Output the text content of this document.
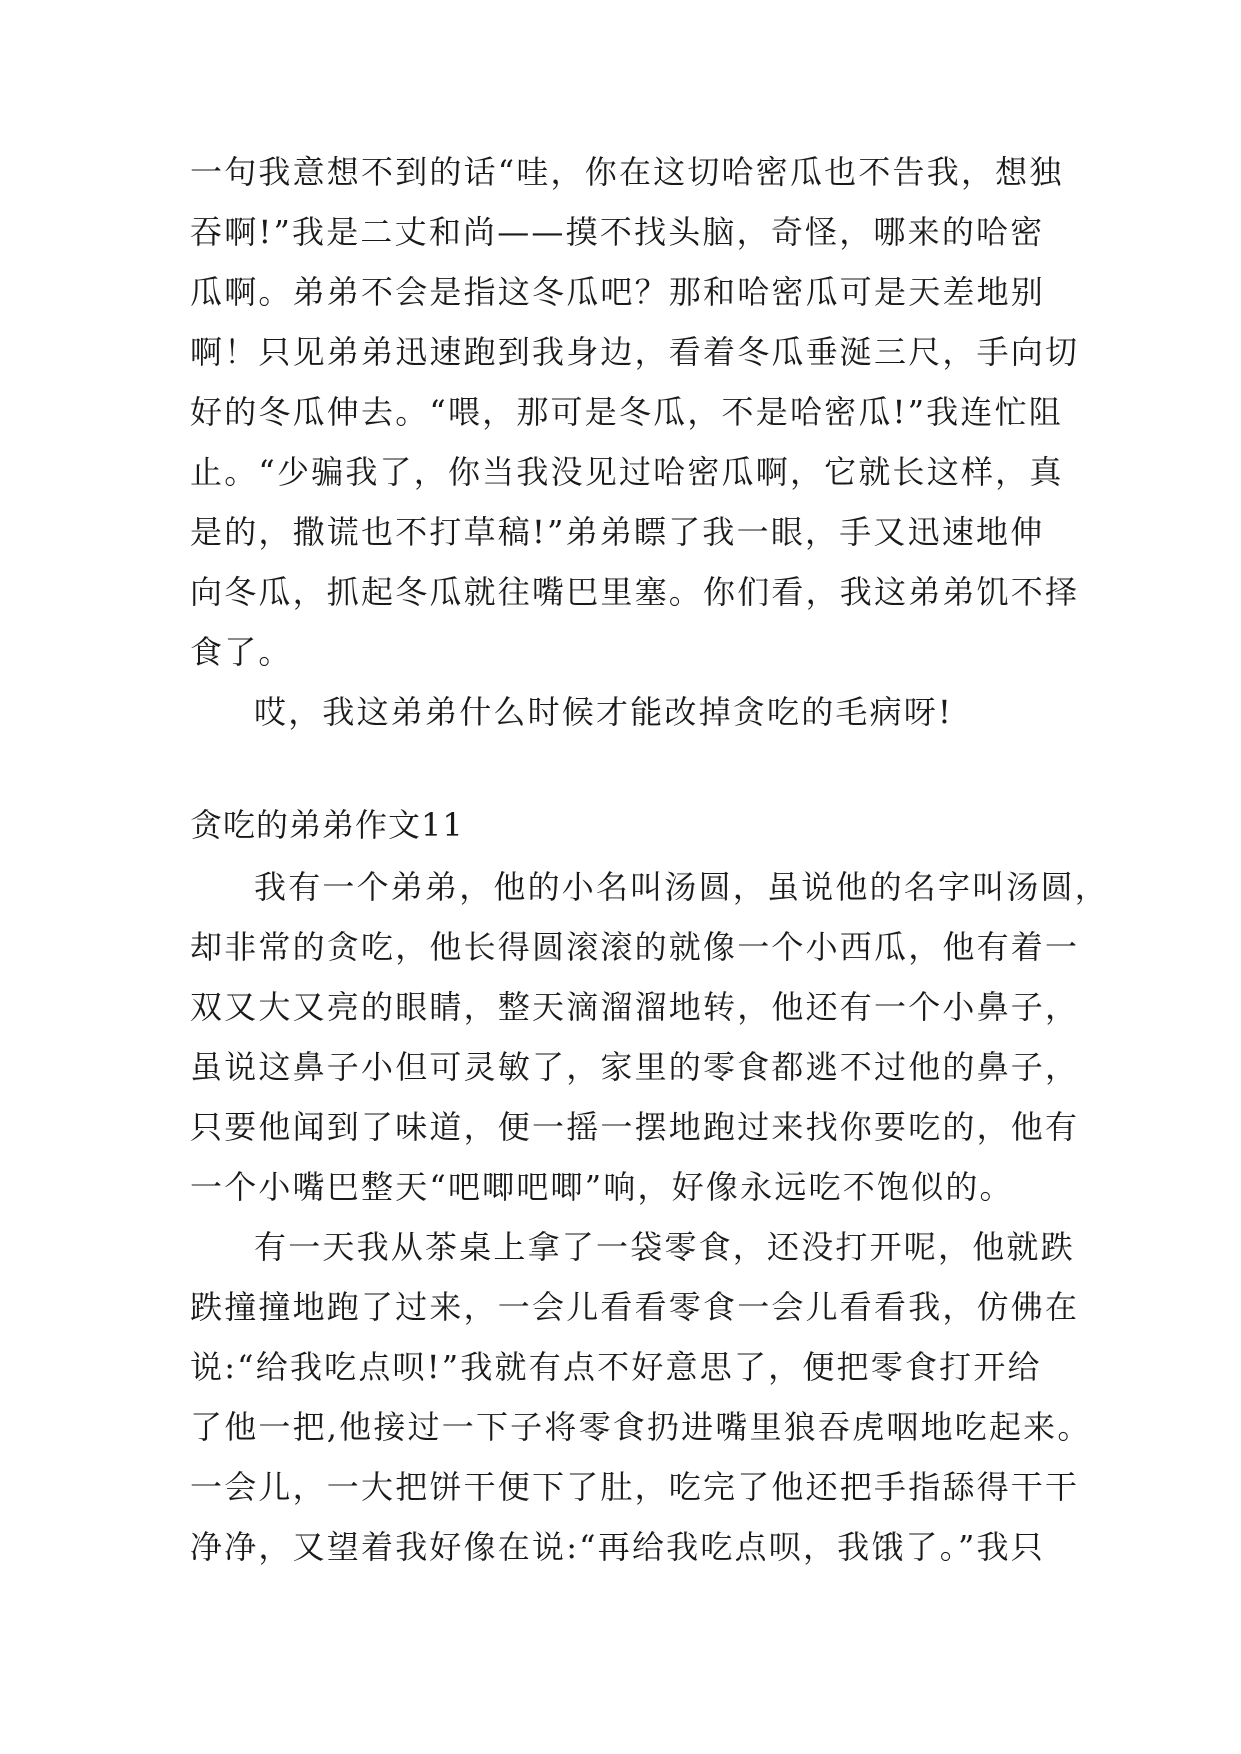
一句我意想不到的话“哇，你在这切哈密瓜也不告我，想独
吞啊!”我是二丈和尚——摸不找头脑，奇怪，哪来的哈密
瓜啊。弟弟不会是指这冬瓜吧？那和哈密瓜可是天差地别
啊！只见弟弟迅速跑到我身边，看着冬瓜垂涎三尺，手向切
好的冬瓜伸去。“喂，那可是冬瓜，不是哈密瓜!”我连忙阻
止。“少骗我了，你当我没见过哈密瓜啊，它就长这样，真
是的，撒谎也不打草稿!”弟弟瞟了我一眼，手又迅速地伸
向冬瓜，抓起冬瓜就往嘴巴里塞。你们看，我这弟弟饥不择
食了。
哎，我这弟弟什么时候才能改掉贪吃的毛病呀!
贪吃的弟弟作文11
我有一个弟弟，他的小名叫汤圆，虽说他的名字叫汤圆，
却非常的贪吃，他长得圆滚滚的就像一个小西瓜，他有着一
双又大又亮的眼睛，整天滴溜溜地转，他还有一个小鼻子，
虽说这鼻子小但可灵敏了，家里的零食都逃不过他的鼻子，
只要他闻到了味道，便一摇一摆地跑过来找你要吃的，他有
一个小嘴巴整天“吧唧吧唧”响，好像永远吃不饱似的。
有一天我从茶桌上拿了一袋零食，还没打开呢，他就跌
跌撞撞地跑了过来，一会儿看看零食一会儿看看我，仿佛在
说:“给我吃点呗!”我就有点不好意思了，便把零食打开给
了他一把,他接过一下子将零食扔进嘴里狼吞虎咽地吃起来。
一会儿，一大把饼干便下了肚，吃完了他还把手指舔得干干
净净，又望着我好像在说:“再给我吃点呗，我饿了。”我只
